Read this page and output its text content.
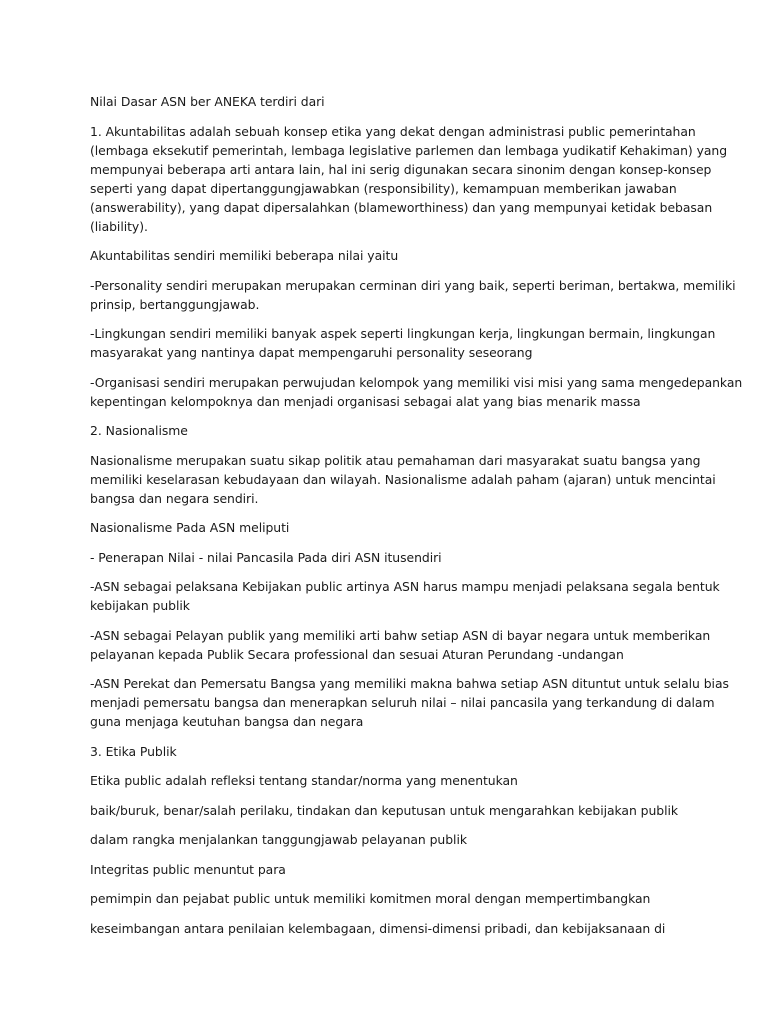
Nilai Dasar ASN ber ANEKA terdiri dari
1. Akuntabilitas adalah sebuah konsep etika yang dekat dengan administrasi public pemerintahan
(lembaga eksekutif pemerintah, lembaga legislative parlemen dan lembaga yudikatif Kehakiman) yang
mempunyai beberapa arti antara lain, hal ini serig digunakan secara sinonim dengan konsep-konsep
seperti yang dapat dipertanggungjawabkan (responsibility), kemampuan memberikan jawaban
(answerability), yang dapat dipersalahkan (blameworthiness) dan yang mempunyai ketidak bebasan
(liability).
Akuntabilitas sendiri memiliki beberapa nilai yaitu
-Personality sendiri merupakan merupakan cerminan diri yang baik, seperti beriman, bertakwa, memiliki
prinsip, bertanggungjawab.
-Lingkungan sendiri memiliki banyak aspek seperti lingkungan kerja, lingkungan bermain, lingkungan
masyarakat yang nantinya dapat mempengaruhi personality seseorang
-Organisasi sendiri merupakan perwujudan kelompok yang memiliki visi misi yang sama mengedepankan
kepentingan kelompoknya dan menjadi organisasi sebagai alat yang bias menarik massa
2. Nasionalisme
Nasionalisme merupakan suatu sikap politik atau pemahaman dari masyarakat suatu bangsa yang
memiliki keselarasan kebudayaan dan wilayah. Nasionalisme adalah paham (ajaran) untuk mencintai
bangsa dan negara sendiri.
Nasionalisme Pada ASN meliputi
- Penerapan Nilai - nilai Pancasila Pada diri ASN itusendiri
-ASN sebagai pelaksana Kebijakan public artinya ASN harus mampu menjadi pelaksana segala bentuk
kebijakan publik
-ASN sebagai Pelayan publik yang memiliki arti bahw setiap ASN di bayar negara untuk memberikan
pelayanan kepada Publik Secara professional dan sesuai Aturan Perundang -undangan
-ASN Perekat dan Pemersatu Bangsa yang memiliki makna bahwa setiap ASN dituntut untuk selalu bias
menjadi pemersatu bangsa dan menerapkan seluruh nilai – nilai pancasila yang terkandung di dalam
guna menjaga keutuhan bangsa dan negara
3. Etika Publik
Etika public adalah refleksi tentang standar/norma yang menentukan
baik/buruk, benar/salah perilaku, tindakan dan keputusan untuk mengarahkan kebijakan publik
dalam rangka menjalankan tanggungjawab pelayanan publik
Integritas public menuntut para
pemimpin dan pejabat public untuk memiliki komitmen moral dengan mempertimbangkan
keseimbangan antara penilaian kelembagaan, dimensi-dimensi pribadi, dan kebijaksanaan di
